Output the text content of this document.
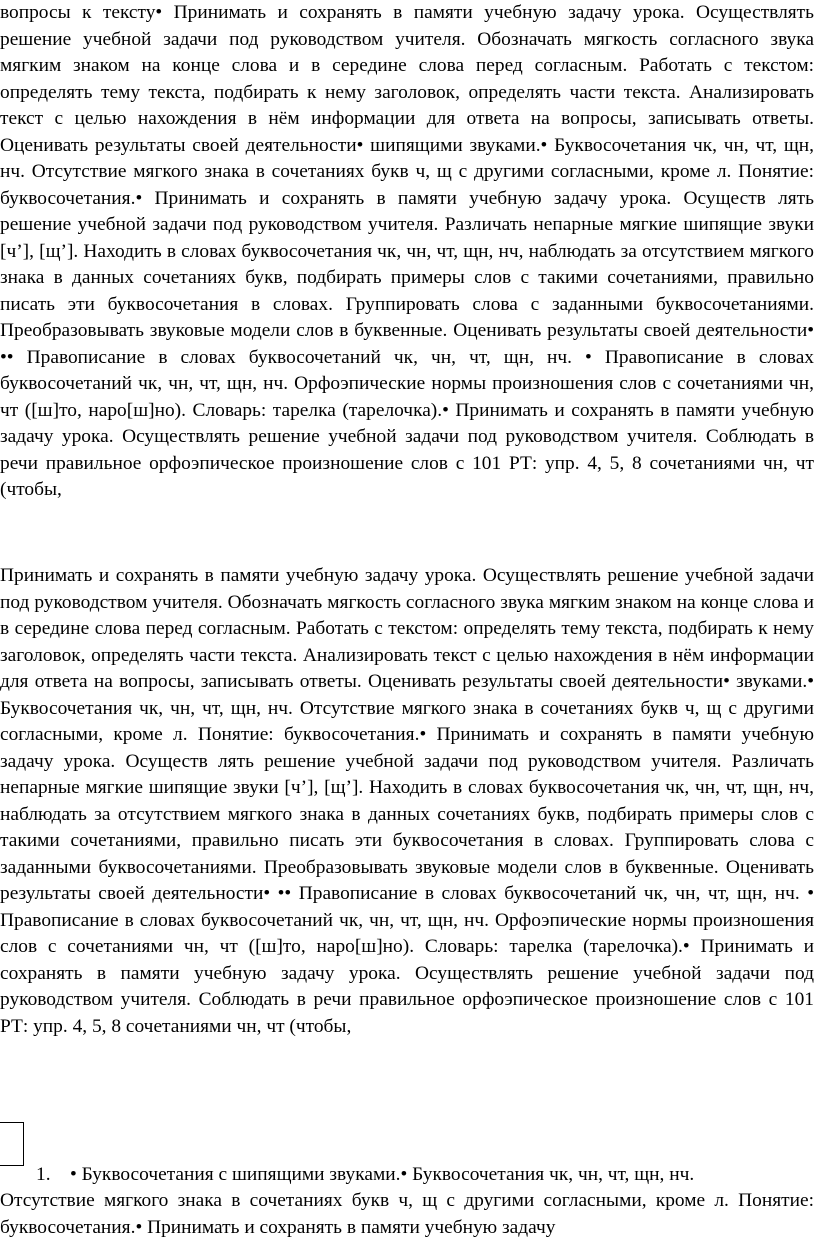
вопросы к тексту• Принимать и сохранять в памяти учебную задачу урока. Осуществлять решение учебной задачи под руководством учителя. Обозначать мягкость согласного звука мягким знаком на конце слова и в середине слова перед согласным. Работать с текстом: определять тему текста, подбирать к нему заголовок, определять части текста. Анализировать текст с целью нахождения в нём информации для ответа на вопросы, записывать ответы. Оценивать результаты своей деятельности• шипящими звуками.• Буквосочетания чк, чн, чт, щн, нч. Отсутствие мягкого знака в сочетаниях букв ч, щ с другими согласными, кроме л. Понятие: буквосочетания.• Принимать и сохранять в памяти учебную задачу урока. Осуществ лять решение учебной задачи под руководством учителя. Различать непарные мягкие шипящие звуки [ч’], [щ’]. Находить в словах буквосочетания чк, чн, чт, щн, нч, наблюдать за отсутствием мягкого знака в данных сочетаниях букв, подбирать примеры слов с такими сочетаниями, правильно писать эти буквосочетания в словах. Группировать слова с заданными буквосочетаниями. Преобразовывать звуковые модели слов в буквенные. Оценивать результаты своей деятельности• •• Правописание в словах буквосочетаний чк, чн, чт, щн, нч. • Правописание в словах буквосочетаний чк, чн, чт, щн, нч. Орфоэпические нормы произношения слов с сочетаниями чн, чт ([ш]то, наро[ш]но). Словарь: тарелка (тарелочка).• Принимать и сохранять в памяти учебную задачу урока. Осуществлять решение учебной задачи под руководством учителя. Соблюдать в речи правильное орфоэпическое произношение слов с 101 РТ: упр. 4, 5, 8 сочетаниями чн, чт (чтобы,

Принимать и сохранять в памяти учебную задачу урока. Осуществлять решение учебной задачи под руководством учителя. Обозначать мягкость согласного звука мягким знаком на конце слова и в середине слова перед согласным. Работать с текстом: определять тему текста, подбирать к нему заголовок, определять части текста. Анализировать текст с целью нахождения в нём информации для ответа на вопросы, записывать ответы. Оценивать результаты своей деятельности• звуками.• Буквосочетания чк, чн, чт, щн, нч. Отсутствие мягкого знака в сочетаниях букв ч, щ с другими согласными, кроме л. Понятие: буквосочетания.• Принимать и сохранять в памяти учебную задачу урока. Осуществ лять решение учебной задачи под руководством учителя. Различать непарные мягкие шипящие звуки [ч’], [щ’]. Находить в словах буквосочетания чк, чн, чт, щн, нч, наблюдать за отсутствием мягкого знака в данных сочетаниях букв, подбирать примеры слов с такими сочетаниями, правильно писать эти буквосочетания в словах. Группировать слова с заданными буквосочетаниями. Преобразовывать звуковые модели слов в буквенные. Оценивать результаты своей деятельности• •• Правописание в словах буквосочетаний чк, чн, чт, щн, нч. • Правописание в словах буквосочетаний чк, чн, чт, щн, нч. Орфоэпические нормы произношения слов с сочетаниями чн, чт ([ш]то, наро[ш]но). Словарь: тарелка (тарелочка).• Принимать и сохранять в памяти учебную задачу урока. Осуществлять решение учебной задачи под руководством учителя. Соблюдать в речи правильное орфоэпическое произношение слов с 101 РТ: упр. 4, 5, 8 сочетаниями чн, чт (чтобы,

1. • Буквосочетания с шипящими звуками.• Буквосочетания чк, чн, чт, щн, нч.

Отсутствие мягкого знака в сочетаниях букв ч, щ с другими согласными, кроме л. Понятие: буквосочетания.• Принимать и сохранять в памяти учебную задачу
